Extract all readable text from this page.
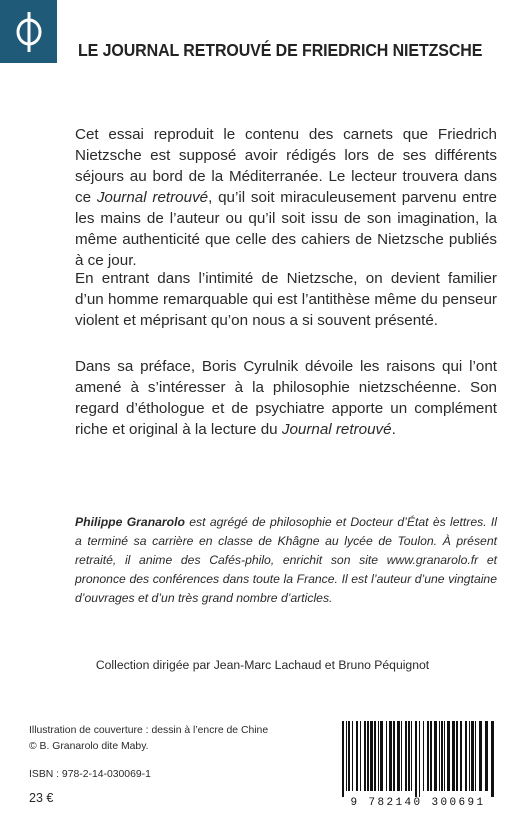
LE JOURNAL RETROUVÉ DE FRIEDRICH NIETZSCHE

Cet essai reproduit le contenu des carnets que Friedrich Nietzsche est supposé avoir rédigés lors de ses différents séjours au bord de la Méditerranée. Le lecteur trouvera dans ce Journal retrouvé, qu’il soit miraculeusement parvenu entre les mains de l’auteur ou qu’il soit issu de son imagination, la même authenticité que celle des cahiers de Nietzsche publiés à ce jour.

En entrant dans l’intimité de Nietzsche, on devient familier d’un homme remarquable qui est l’antithèse même du penseur violent et méprisant qu’on nous a si souvent présenté.

Dans sa préface, Boris Cyrulnik dévoile les raisons qui l’ont amené à s’intéresser à la philosophie nietzschéenne. Son regard d’éthologue et de psychiatre apporte un complément riche et original à la lecture du Journal retrouvé.

Philippe Granarolo est agrégé de philosophie et Docteur d’État ès lettres. Il a terminé sa carrière en classe de Khâgne au lycée de Toulon. À présent retraité, il anime des Cafés-philo, enrichit son site www.granarolo.fr et prononce des conférences dans toute la France. Il est l’auteur d’une vingtaine d’ouvrages et d’un très grand nombre d’articles.

Collection dirigée par Jean-Marc Lachaud et Bruno Péquignot
Illustration de couverture : dessin à l’encre de Chine
© B. Granarolo dite Maby.
ISBN : 978-2-14-030069-1
23 €	9 782140 300691
